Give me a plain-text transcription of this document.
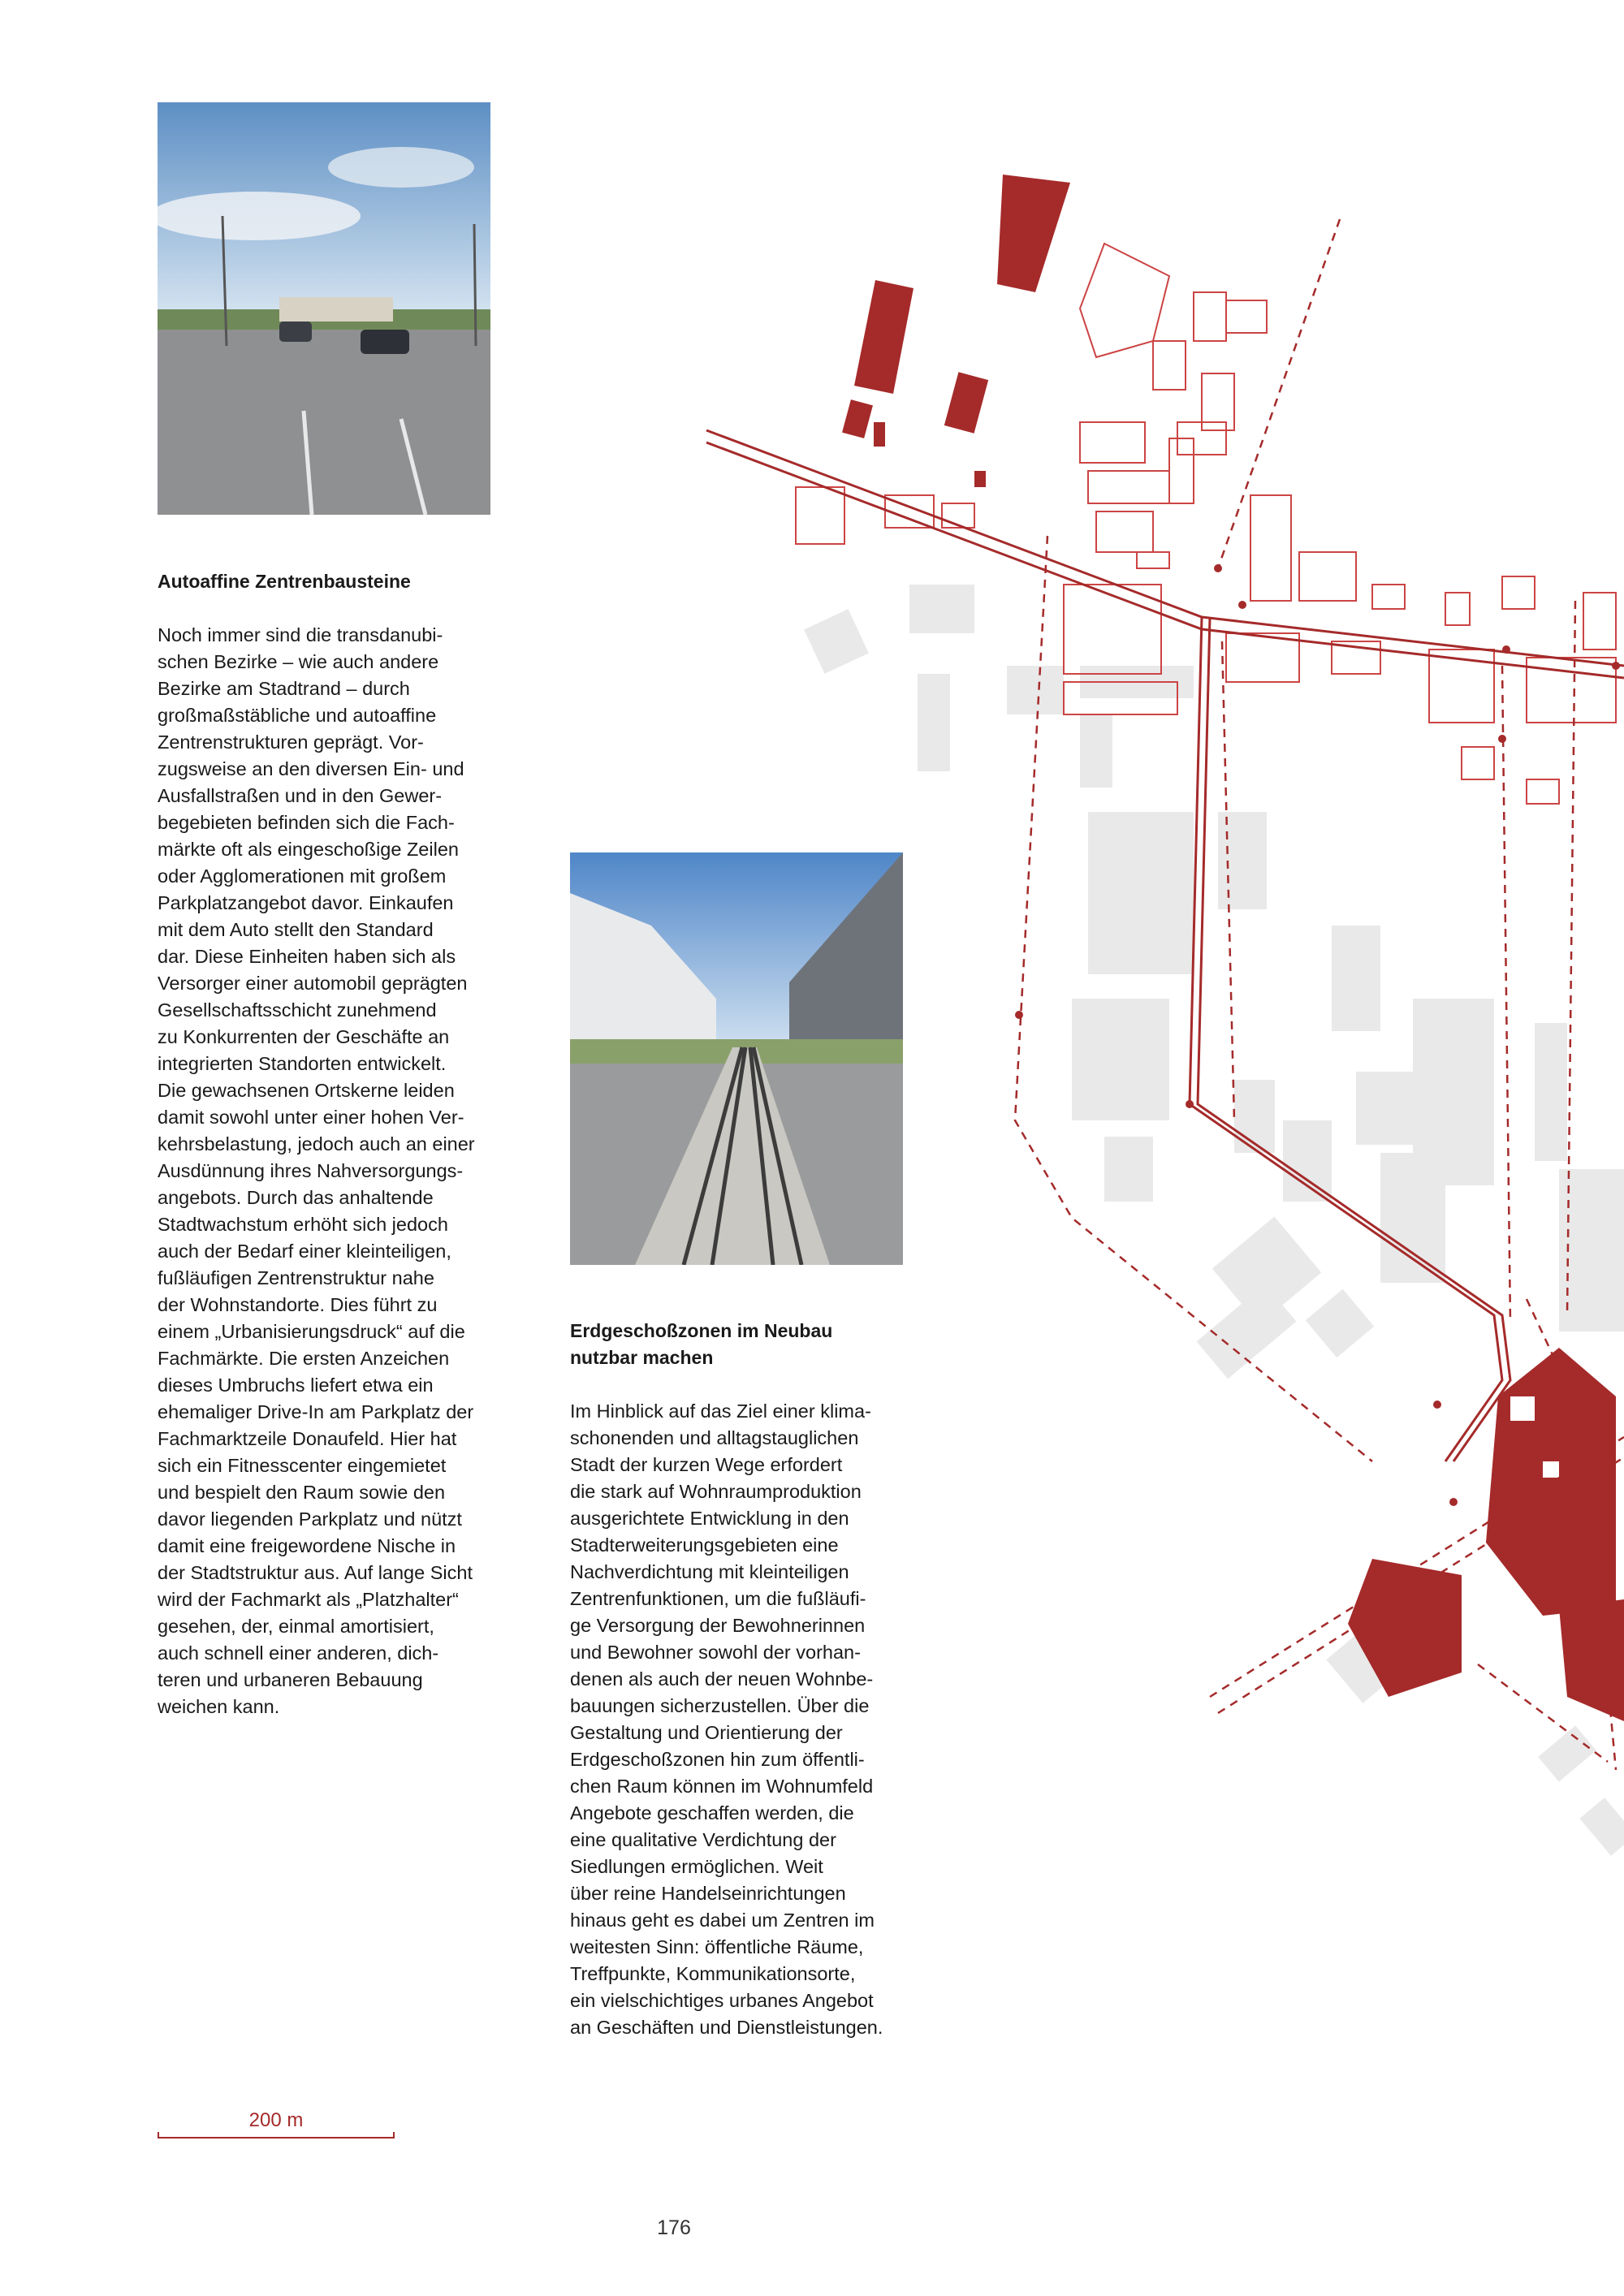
Autoaffine Zentrenbausteine
Noch immer sind die transdanubi-
schen Bezirke – wie auch andere
Bezirke am Stadtrand – durch
großmaßstäbliche und autoaffine
Zentrenstrukturen geprägt. Vor-
zugsweise an den diversen Ein- und
Ausfallstraßen und in den Gewer-
begebieten befinden sich die Fach-
märkte oft als eingeschoßige Zeilen
oder Agglomerationen mit großem
Parkplatzangebot davor. Einkaufen
mit dem Auto stellt den Standard
dar. Diese Einheiten haben sich als
Versorger einer automobil geprägten
Gesellschaftsschicht zunehmend
zu Konkurrenten der Geschäfte an
integrierten Standorten entwickelt.
Die gewachsenen Ortskerne leiden
damit sowohl unter einer hohen Ver-
kehrsbelastung, jedoch auch an einer
Ausdünnung ihres Nahversorgungs-
angebots. Durch das anhaltende
Stadtwachstum erhöht sich jedoch
auch der Bedarf einer kleinteiligen,
fußläufigen Zentrenstruktur nahe
der Wohnstandorte. Dies führt zu
einem „Urbanisierungsdruck“ auf die
Fachmärkte. Die ersten Anzeichen
dieses Umbruchs liefert etwa ein
ehemaliger Drive-In am Parkplatz der
Fachmarktzeile Donaufeld. Hier hat
sich ein Fitnesscenter eingemietet
und bespielt den Raum sowie den
davor liegenden Parkplatz und nützt
damit eine freigewordene Nische in
der Stadtstruktur aus. Auf lange Sicht
wird der Fachmarkt als „Platzhalter“
gesehen, der, einmal amortisiert,
auch schnell einer anderen, dich-
teren und urbaneren Bebauung
weichen kann.
Erdgeschoßzonen im Neubau
nutzbar machen
Im Hinblick auf das Ziel einer klima-
schonenden und alltagstauglichen
Stadt der kurzen Wege erfordert
die stark auf Wohnraumproduktion
ausgerichtete Entwicklung in den
Stadterweiterungsgebieten eine
Nachverdichtung mit kleinteiligen
Zentrenfunktionen, um die fußläufi-
ge Versorgung der Bewohnerinnen
und Bewohner sowohl der vorhan-
denen als auch der neuen Wohnbe-
bauungen sicherzustellen. Über die
Gestaltung und Orientierung der
Erdgeschoßzonen hin zum öffentli-
chen Raum können im Wohnumfeld
Angebote geschaffen werden, die
eine qualitative Verdichtung der
Siedlungen ermöglichen. Weit
über reine Handelseinrichtungen
hinaus geht es dabei um Zentren im
weitesten Sinn: öffentliche Räume,
Treffpunkte, Kommunikationsorte,
ein vielschichtiges urbanes Angebot
an Geschäften und Dienstleistungen.
200 m
176
